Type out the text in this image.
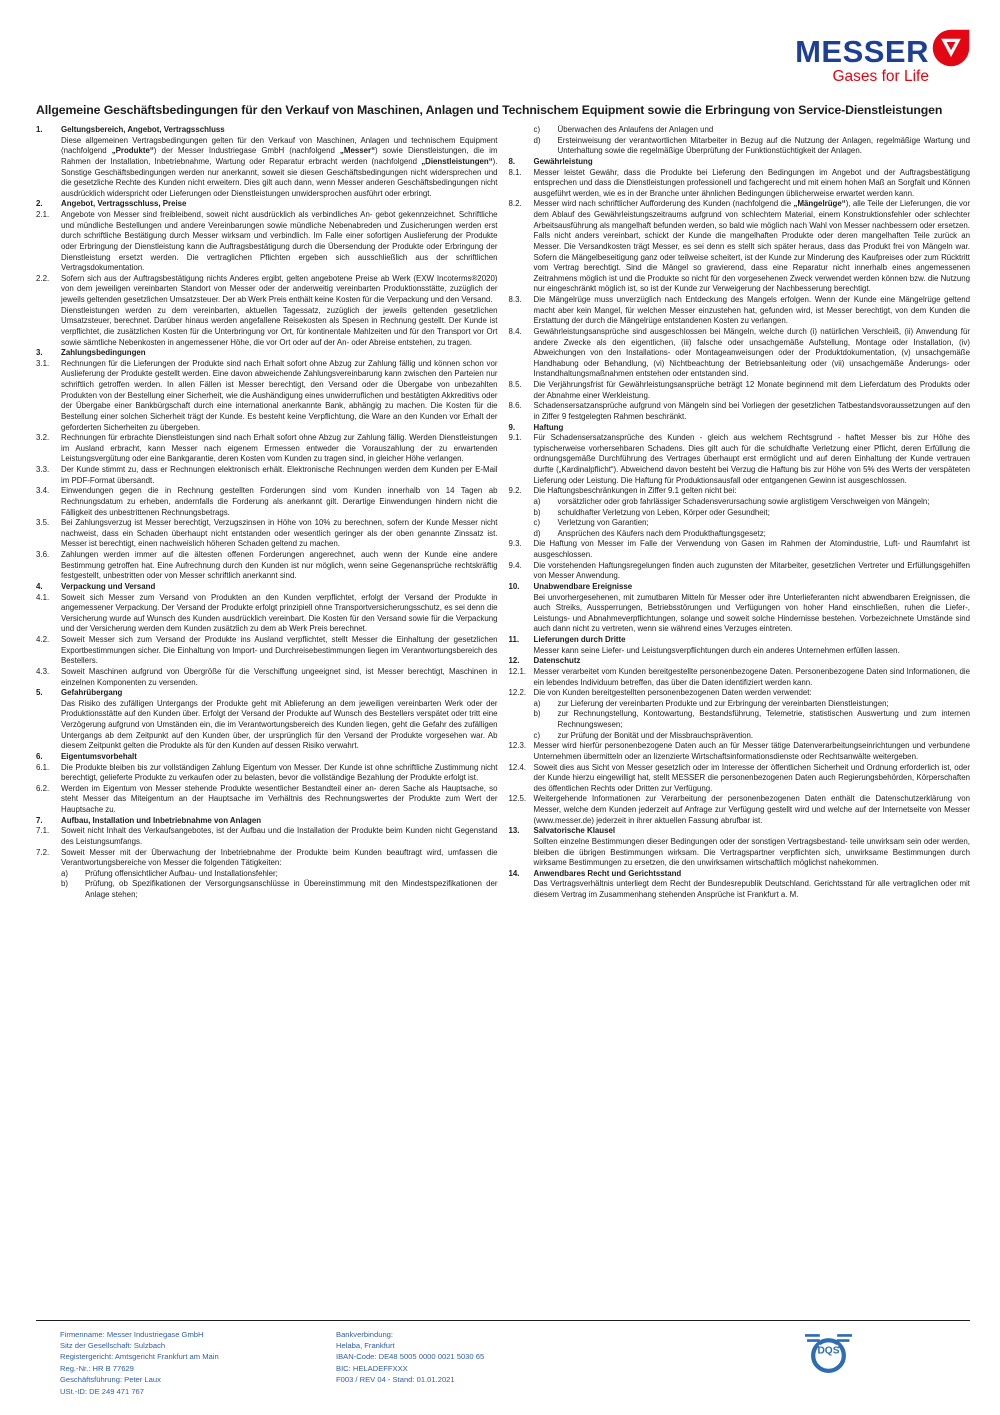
MESSER
Gases for Life
Allgemeine Geschäftsbedingungen für den Verkauf von Maschinen, Anlagen und Technischem Equipment sowie die Erbringung von Service-Dienstleistungen
1. Geltungsbereich, Angebot, Vertragsschluss
Diese allgemeinen Vertragsbedingungen gelten für den Verkauf von Maschinen, Anlagen und technischem Equipment (nachfolgend „Produkte“) der Messer Industriegase GmbH (nachfolgend „Messer“) sowie Dienstleistungen, die im Rahmen der Installation, Inbetriebnahme, Wartung oder Reparatur erbracht werden (nachfolgend „Dienstleistungen“). Sonstige Geschäftsbedingungen werden nur anerkannt, soweit sie diesen Geschäftsbedingungen nicht widersprechen und die gesetzliche Rechte des Kunden nicht erweitern. Dies gilt auch dann, wenn Messer anderen Geschäftsbedingungen nicht ausdrücklich widerspricht oder Lieferungen oder Dienstleistungen unwidersprochen ausführt oder erbringt.
2. Angebot, Vertragsschluss, Preise
2.1. Angebote von Messer sind freibleibend, soweit nicht ausdrücklich als verbindliches An- gebot gekennzeichnet. Schriftliche und mündliche Bestellungen und andere Vereinbarungen sowie mündliche Nebenabreden und Zusicherungen werden erst durch schriftliche Bestätigung durch Messer wirksam und verbindlich. Im Falle einer sofortigen Auslieferung der Produkte oder Erbringung der Dienstleistung kann die Auftragsbestätigung durch die Übersendung der Produkte oder Erbringung der Dienstleistung ersetzt werden. Die vertraglichen Pflichten ergeben sich ausschließlich aus der schriftlichen Vertragsdokumentation.
2.2. Sofern sich aus der Auftragsbestätigung nichts Anderes ergibt, gelten angebotene Preise ab Werk (EXW Incoterms®2020) von dem jeweiligen vereinbarten Standort von Messer oder der anderweitig vereinbarten Produktionsstätte, zuzüglich der jeweils geltenden gesetzlichen Umsatzsteuer. Der ab Werk Preis enthält keine Kosten für die Verpackung und den Versand.
Dienstleistungen werden zu dem vereinbarten, aktuellen Tagessatz, zuzüglich der jeweils geltenden gesetzlichen Umsatzsteuer, berechnet. Darüber hinaus werden angefallene Reisekosten als Spesen in Rechnung gestellt. Der Kunde ist verpflichtet, die zusätzlichen Kosten für die Unterbringung vor Ort, für kontinentale Mahlzeiten und für den Transport vor Ort sowie sämtliche Nebenkosten in angemessener Höhe, die vor Ort oder auf der An- oder Abreise entstehen, zu tragen.
3. Zahlungsbedingungen
3.1. Rechnungen für die Lieferungen der Produkte sind nach Erhalt sofort ohne Abzug zur Zahlung fällig und können schon vor Auslieferung der Produkte gestellt werden. Eine davon abweichende Zahlungsvereinbarung kann zwischen den Parteien nur schriftlich getroffen werden. In allen Fällen ist Messer berechtigt, den Versand oder die Übergabe von unbezahlten Produkten von der Bestellung einer Sicherheit, wie die Aushändigung eines unwiderruflichen und bestätigten Akkreditivs oder der Übergabe einer Bankbürgschaft durch eine international anerkannte Bank, abhängig zu machen. Die Kosten für die Bestellung einer solchen Sicherheit trägt der Kunde. Es besteht keine Verpflichtung, die Ware an den Kunden vor Erhalt der geforderten Sicherheiten zu übergeben.
3.2. Rechnungen für erbrachte Dienstleistungen sind nach Erhalt sofort ohne Abzug zur Zahlung fällig. Werden Dienstleistungen im Ausland erbracht, kann Messer nach eigenem Ermessen entweder die Vorauszahlung der zu erwartenden Leistungsvergütung oder eine Bankgarantie, deren Kosten vom Kunden zu tragen sind, in gleicher Höhe verlangen.
3.3. Der Kunde stimmt zu, dass er Rechnungen elektronisch erhält. Elektronische Rechnungen werden dem Kunden per E-Mail im PDF-Format übersandt.
3.4. Einwendungen gegen die in Rechnung gestellten Forderungen sind vom Kunden innerhalb von 14 Tagen ab Rechnungsdatum zu erheben, andernfalls die Forderung als anerkannt gilt. Derartige Einwendungen hindern nicht die Fälligkeit des unbestrittenen Rechnungsbetrags.
3.5. Bei Zahlungsverzug ist Messer berechtigt, Verzugszinsen in Höhe von 10% zu berechnen, sofern der Kunde Messer nicht nachweist, dass ein Schaden überhaupt nicht entstanden oder wesentlich geringer als der oben genannte Zinssatz ist. Messer ist berechtigt, einen nachweislich höheren Schaden geltend zu machen.
3.6. Zahlungen werden immer auf die ältesten offenen Forderungen angerechnet, auch wenn der Kunde eine andere Bestimmung getroffen hat. Eine Aufrechnung durch den Kunden ist nur möglich, wenn seine Gegenansprüche rechtskräftig festgestellt, unbestritten oder von Messer schriftlich anerkannt sind.
4. Verpackung und Versand
4.1. Soweit sich Messer zum Versand von Produkten an den Kunden verpflichtet, erfolgt der Versand der Produkte in angemessener Verpackung. Der Versand der Produkte erfolgt prinzipiell ohne Transportversicherungsschutz, es sei denn die Versicherung wurde auf Wunsch des Kunden ausdrücklich vereinbart. Die Kosten für den Versand sowie für die Verpackung und der Versicherung werden dem Kunden zusätzlich zu dem ab Werk Preis berechnet.
4.2. Soweit Messer sich zum Versand der Produkte ins Ausland verpflichtet, stellt Messer die Einhaltung der gesetzlichen Exportbestimmungen sicher. Die Einhaltung von Import- und Durchreisebestimmungen liegen im Verantwortungsbereich des Bestellers.
4.3. Soweit Maschinen aufgrund von Übergröße für die Verschiffung ungeeignet sind, ist Messer berechtigt, Maschinen in einzelnen Komponenten zu versenden.
5. Gefahrübergang
Das Risiko des zufälligen Untergangs der Produkte geht mit Ablieferung an dem jeweiligen vereinbarten Werk oder der Produktionsstätte auf den Kunden über. Erfolgt der Versand der Produkte auf Wunsch des Bestellers verspätet oder tritt eine Verzögerung aufgrund von Umständen ein, die im Verantwortungsbereich des Kunden liegen, geht die Gefahr des zufälligen Untergangs ab dem Zeitpunkt auf den Kunden über, der ursprünglich für den Versand der Produkte vorgesehen war. Ab diesem Zeitpunkt gelten die Produkte als für den Kunden auf dessen Risiko verwahrt.
6. Eigentumsvorbehalt
6.1. Die Produkte bleiben bis zur vollständigen Zahlung Eigentum von Messer. Der Kunde ist ohne schriftliche Zustimmung nicht berechtigt, gelieferte Produkte zu verkaufen oder zu belasten, bevor die vollständige Bezahlung der Produkte erfolgt ist.
6.2. Werden im Eigentum von Messer stehende Produkte wesentlicher Bestandteil einer an- deren Sache als Hauptsache, so steht Messer das Miteigentum an der Hauptsache im Verhältnis des Rechnungswertes der Produkte zum Wert der Hauptsache zu.
7. Aufbau, Installation und Inbetriebnahme von Anlagen
7.1. Soweit nicht Inhalt des Verkaufsangebotes, ist der Aufbau und die Installation der Produkte beim Kunden nicht Gegenstand des Leistungsumfangs.
7.2. Soweit Messer mit der Überwachung der Inbetriebnahme der Produkte beim Kunden beauftragt wird, umfassen die Verantwortungsbereiche von Messer die folgenden Tätigkeiten:
a) Prüfung offensichtlicher Aufbau- und Installationsfehler;
b) Prüfung, ob Spezifikationen der Versorgungsanschlüsse in Übereinstimmung mit den Mindestspezifikationen der Anlage stehen;
c) Überwachen des Anlaufens der Anlagen und
d) Ersteinweisung der verantwortlichen Mitarbeiter in Bezug auf die Nutzung der Anlagen, regelmäßige Wartung und Unterhaltung sowie die regelmäßige Überprüfung der Funktionstüchtigkeit der Anlagen.
8. Gewährleistung
8.1. Messer leistet Gewähr, dass die Produkte bei Lieferung den Bedingungen im Angebot und der Auftragsbestätigung entsprechen und dass die Dienstleistungen professionell und fachgerecht und mit einem hohen Maß an Sorgfalt und Können ausgeführt werden, wie es in der Branche unter ähnlichen Bedingungen üblicherweise erwartet werden kann.
8.2. Messer wird nach schriftlicher Aufforderung des Kunden (nachfolgend die „Mängelrüge“), alle Teile der Lieferungen, die vor dem Ablauf des Gewährleistungszeitraums aufgrund von schlechtem Material, einem Konstruktionsfehler oder schlechter Arbeitsausführung als mangelhaft befunden werden, so bald wie möglich nach Wahl von Messer nachbessern oder ersetzen. Falls nicht anders vereinbart, schickt der Kunde die mangelhaften Produkte oder deren mangelhaften Teile zurück an Messer. Die Versandkosten trägt Messer, es sei denn es stellt sich später heraus, dass das Produkt frei von Mängeln war. Sofern die Mängelbeseitigung ganz oder teilweise scheitert, ist der Kunde zur Minderung des Kaufpreises oder zum Rücktritt vom Vertrag berechtigt. Sind die Mängel so gravierend, dass eine Reparatur nicht innerhalb eines angemessenen Zeitrahmens möglich ist und die Produkte so nicht für den vorgesehenen Zweck verwendet werden können bzw. die Nutzung nur eingeschränkt möglich ist, so ist der Kunde zur Verweigerung der Nachbesserung berechtigt.
8.3. Die Mängelrüge muss unverzüglich nach Entdeckung des Mangels erfolgen. Wenn der Kunde eine Mängelrüge geltend macht aber kein Mangel, für welchen Messer einzustehen hat, gefunden wird, ist Messer berechtigt, von dem Kunden die Erstattung der durch die Mängelrüge entstandenen Kosten zu verlangen.
8.4. Gewährleistungsansprüche sind ausgeschlossen bei Mängeln, welche durch (i) natürlichen Verschleiß, (ii) Anwendung für andere Zwecke als den eigentlichen, (iii) falsche oder unsachgemäße Aufstellung, Montage oder Installation, (iv) Abweichungen von den Installations- oder Montageanweisungen oder der Produktdokumentation, (v) unsachgemäße Handhabung oder Behandlung, (vi) Nichtbeachtung der Betriebsanleitung oder (vii) unsachgemäße Änderungs- oder Instandhaltungsmaßnahmen entstehen oder entstanden sind.
8.5. Die Verjährungsfrist für Gewährleistungsansprüche beträgt 12 Monate beginnend mit dem Lieferdatum des Produkts oder der Abnahme einer Werkleistung.
8.6. Schadensersatzansprüche aufgrund von Mängeln sind bei Vorliegen der gesetzlichen Tatbestandsvoraussetzungen auf den in Ziffer 9 festgelegten Rahmen beschränkt.
9. Haftung
9.1. Für Schadensersatzansprüche des Kunden - gleich aus welchem Rechtsgrund - haftet Messer bis zur Höhe des typischerweise vorhersehbaren Schadens. Dies gilt auch für die schuldhafte Verletzung einer Pflicht, deren Erfüllung die ordnungsgemäße Durchführung des Vertrages überhaupt erst ermöglicht und auf deren Einhaltung der Kunde vertrauen durfte („Kardinalpflicht“). Abweichend davon besteht bei Verzug die Haftung bis zur Höhe von 5% des Werts der verspäteten Lieferung oder Leistung. Die Haftung für Produktionsausfall oder entgangenen Gewinn ist ausgeschlossen.
9.2. Die Haftungsbeschränkungen in Ziffer 9.1 gelten nicht bei:
a) vorsätzlicher oder grob fahrlässiger Schadensverursachung sowie arglistigem Verschweigen von Mängeln;
b) schuldhafter Verletzung von Leben, Körper oder Gesundheit;
c) Verletzung von Garantien;
d) Ansprüchen des Käufers nach dem Produkthaftungsgesetz;
9.3. Die Haftung von Messer im Falle der Verwendung von Gasen im Rahmen der Atomindustrie, Luft- und Raumfahrt ist ausgeschlossen.
9.4. Die vorstehenden Haftungsregelungen finden auch zugunsten der Mitarbeiter, gesetzlichen Vertreter und Erfüllungsgehilfen von Messer Anwendung.
10. Unabwendbare Ereignisse
Bei unvorhergesehenen, mit zumutbaren Mitteln für Messer oder ihre Unterlieferanten nicht abwendbaren Ereignissen, die auch Streiks, Aussperrungen, Betriebsstörungen und Verfügungen von hoher Hand einschließen, ruhen die Liefer-, Leistungs- und Abnahmeverpflichtungen, solange und soweit solche Hindernisse bestehen. Vorbezeichnete Umstände sind auch dann nicht zu vertreten, wenn sie während eines Verzuges eintreten.
11. Lieferungen durch Dritte
Messer kann seine Liefer- und Leistungsverpflichtungen durch ein anderes Unternehmen erfüllen lassen.
12. Datenschutz
12.1. Messer verarbeitet vom Kunden bereitgestellte personenbezogene Daten. Personenbezogene Daten sind Informationen, die ein lebendes Individuum betreffen, das über die Daten identifiziert werden kann.
12.2. Die von Kunden bereitgestellten personenbezogenen Daten werden verwendet:
a) zur Lieferung der vereinbarten Produkte und zur Erbringung der vereinbarten Dienstleistungen;
b) zur Rechnungstellung, Kontowartung, Bestandsführung, Telemetrie, statistischen Auswertung und zum internen Rechnungswesen;
c) zur Prüfung der Bonität und der Missbrauchsprävention.
12.3. Messer wird hierfür personenbezogene Daten auch an für Messer tätige Datenverarbeitungseinrichtungen und verbundene Unternehmen übermitteln oder an lizenzierte Wirtschaftsinformationsdienste oder Rechtsanwälte weitergeben.
12.4. Soweit dies aus Sicht von Messer gesetzlich oder im Interesse der öffentlichen Sicherheit und Ordnung erforderlich ist, oder der Kunde hierzu eingewilligt hat, stellt MESSER die personenbezogenen Daten auch Regierungsbehörden, Körperschaften des öffentlichen Rechts oder Dritten zur Verfügung.
12.5. Weitergehende Informationen zur Verarbeitung der personenbezogenen Daten enthält die Datenschutzerklärung von Messer, welche dem Kunden jederzeit auf Anfrage zur Verfügung gestellt wird und welche auf der Internetseite von Messer (www.messer.de) jederzeit in ihrer aktuellen Fassung abrufbar ist.
13. Salvatorische Klausel
Sollten einzelne Bestimmungen dieser Bedingungen oder der sonstigen Vertragsbestand- teile unwirksam sein oder werden, bleiben die übrigen Bestimmungen wirksam. Die Vertragspartner verpflichten sich, unwirksame Bestimmungen durch wirksame Bestimmungen zu ersetzen, die den unwirksamen wirtschaftlich möglichst nahekommen.
14. Anwendbares Recht und Gerichtsstand
Das Vertragsverhältnis unterliegt dem Recht der Bundesrepublik Deutschland. Gerichtsstand für alle vertraglichen oder mit diesem Vertrag im Zusammenhang stehenden Ansprüche ist Frankfurt a. M.
Firmenname: Messer Industriegase GmbH
Sitz der Gesellschaft: Sulzbach
Registergericht: Amtsgericht Frankfurt am Main
Reg.-Nr.: HR B 77629
Geschäftsführung: Peter Laux
USt.-ID: DE 249 471 767
Bankverbindung:
Helaba, Frankfurt
IBAN-Code: DE48 5005 0000 0021 5030 65
BIC: HELADEFFXXX
F003 / REV 04 - Stand: 01.01.2021
DQS
